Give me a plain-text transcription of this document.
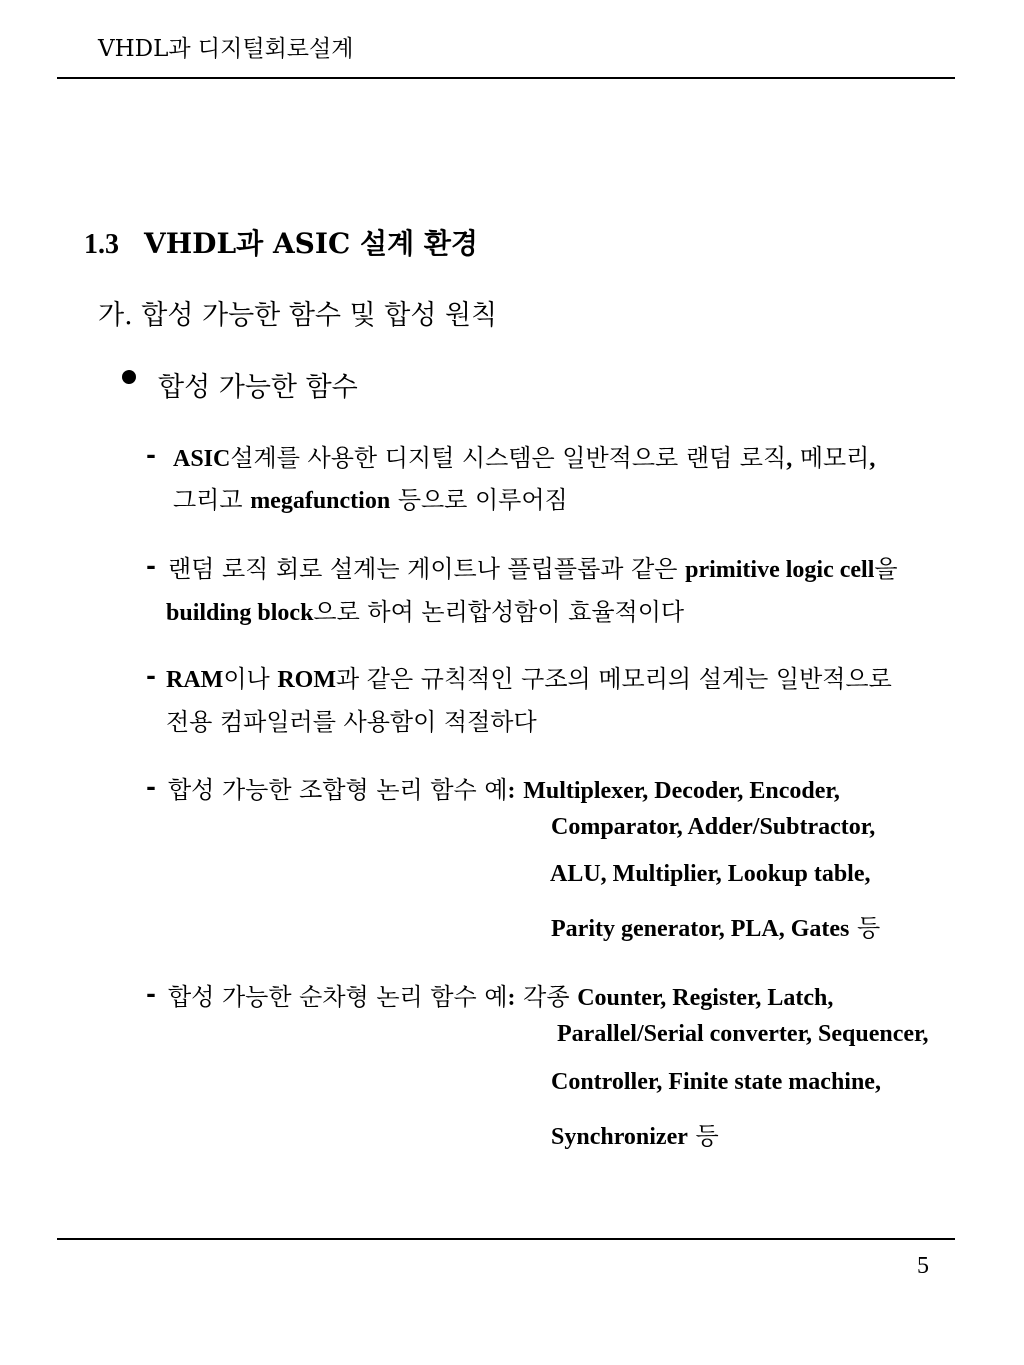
VHDL과 디지털회로설계
1.3 VHDL과 ASIC 설계 환경
가. 합성 가능한 함수 및 합성 원칙
합성 가능한 함수
- ASIC설계를 사용한 디지털 시스템은 일반적으로 랜덤 로직, 메모리,
그리고 megafunction 등으로 이루어짐
- 랜덤 로직 회로 설계는 게이트나 플립플롭과 같은 primitive logic cell을
building block으로 하여 논리합성함이 효율적이다
- RAM이나 ROM과 같은 규칙적인 구조의 메모리의 설계는 일반적으로
전용 컴파일러를 사용함이 적절하다
- 합성 가능한 조합형 논리 함수 예: Multiplexer, Decoder, Encoder,
Comparator, Adder/Subtractor,
ALU, Multiplier, Lookup table,
Parity generator, PLA, Gates 등
- 합성 가능한 순차형 논리 함수 예: 각종 Counter, Register, Latch,
Parallel/Serial converter, Sequencer,
Controller, Finite state machine,
Synchronizer 등
5
